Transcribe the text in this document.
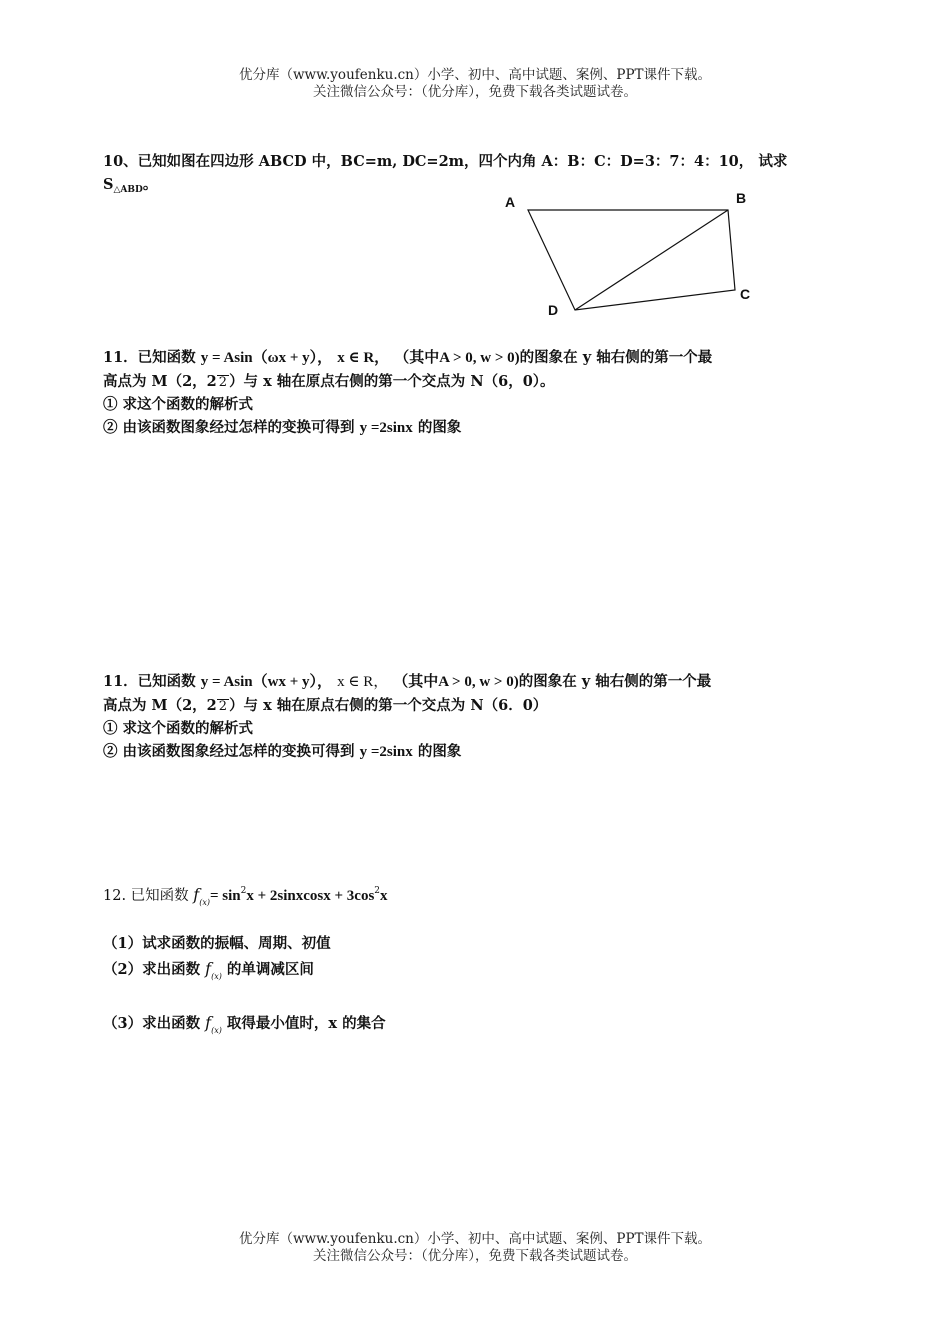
优分库（www.youfenku.cn）小学、初中、高中试题、案例、PPT课件下载。
关注微信公众号：（优分库），免费下载各类试题试卷。
10、已知如图在四边形 ABCD 中，BC=m, DC=2m，四个内角 A：B：C：D=3：7：4：10， 试求
$S_{\triangle ABD}$。
A	B
C
D
11．已知函数 y = Asin（ωx + y）， x ∈ R， （其中A > 0, w > 0)的图象在 y 轴右侧的第一个最
高点为 M（2，2 2 ）与 x 轴在原点右侧的第一个交点为 N（6，0）。
① 求这个函数的解析式
② 由该函数图象经过怎样的变换可得到 y =2sinx 的图象
11．已知函数 y = Asin（wx + y）， x ∈ R， （其中A > 0, w > 0)的图象在 y 轴右侧的第一个最
高点为 M（2，2 2 ）与 x 轴在原点右侧的第一个交点为 N（6．0）
① 求这个函数的解析式
② 由该函数图象经过怎样的变换可得到 y =2sinx 的图象
12. 已知函数 $f_{(x)}= \sin^2x$ + 2sinxcosx + $3\cos^2x$
（1）试求函数的振幅、周期、初值
（2）求出函数 $f_{(x)}$ 的单调减区间
（3）求出函数 $f_{(x)}$ 取得最小值时，x 的集合
优分库（www.youfenku.cn）小学、初中、高中试题、案例、PPT课件下载。
关注微信公众号：（优分库），免费下载各类试题试卷。
